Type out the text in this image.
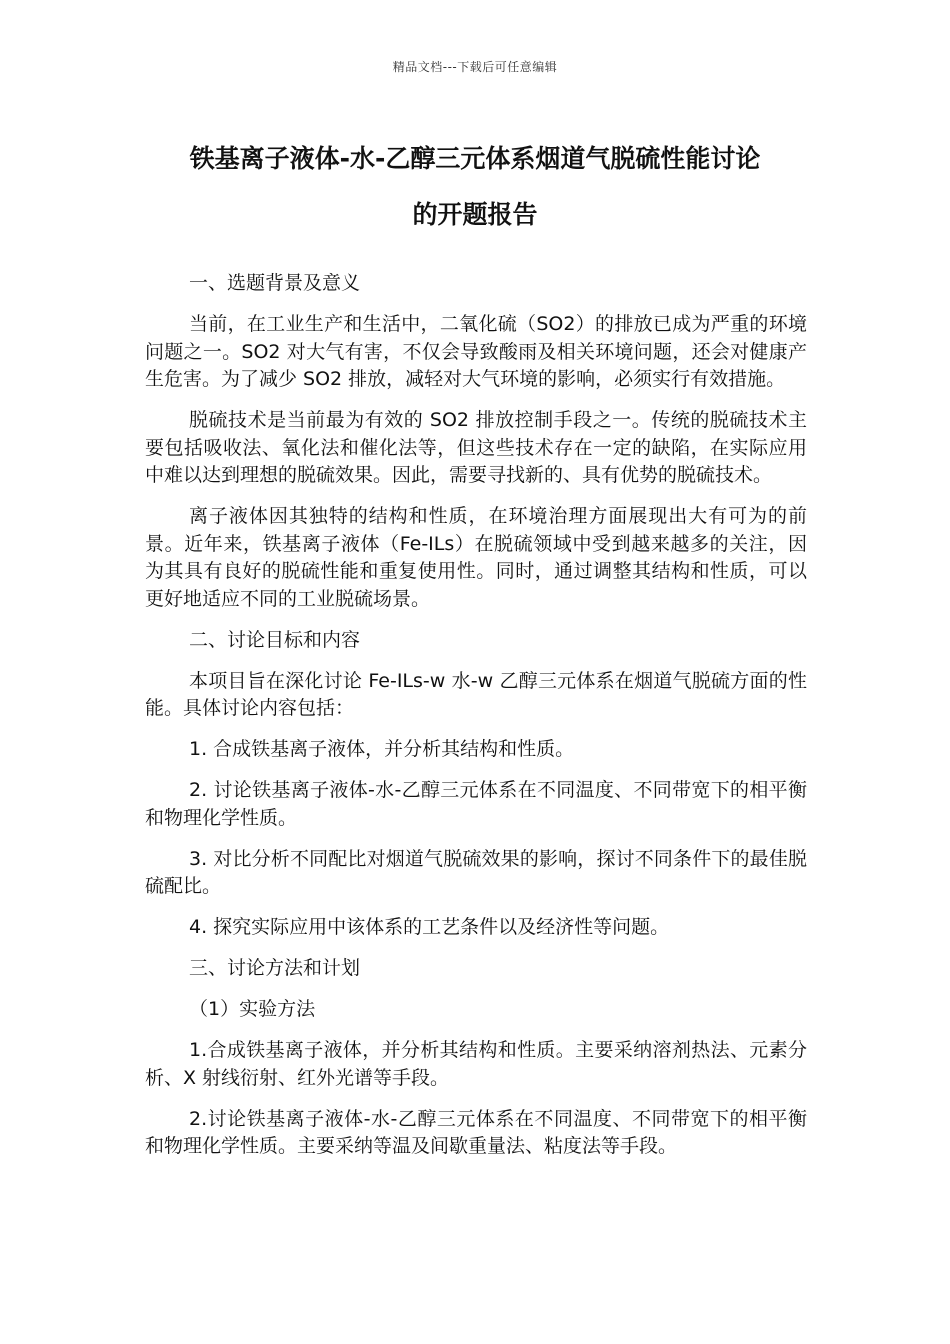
精品文档---下载后可任意编辑
铁基离子液体-水-乙醇三元体系烟道气脱硫性能讨论
的开题报告

一、选题背景及意义

当前，在工业生产和生活中，二氧化硫（SO2）的排放已成为严重的环境问题之一。SO2 对大气有害，不仅会导致酸雨及相关环境问题，还会对健康产生危害。为了减少 SO2 排放，减轻对大气环境的影响，必须实行有效措施。

脱硫技术是当前最为有效的 SO2 排放控制手段之一。传统的脱硫技术主要包括吸收法、氧化法和催化法等，但这些技术存在一定的缺陷，在实际应用中难以达到理想的脱硫效果。因此，需要寻找新的、具有优势的脱硫技术。

离子液体因其独特的结构和性质，在环境治理方面展现出大有可为的前景。近年来，铁基离子液体（Fe-ILs）在脱硫领域中受到越来越多的关注，因为其具有良好的脱硫性能和重复使用性。同时，通过调整其结构和性质，可以更好地适应不同的工业脱硫场景。

二、讨论目标和内容

本项目旨在深化讨论 Fe-ILs-w 水-w 乙醇三元体系在烟道气脱硫方面的性能。具体讨论内容包括：

1. 合成铁基离子液体，并分析其结构和性质。

2. 讨论铁基离子液体-水-乙醇三元体系在不同温度、不同带宽下的相平衡和物理化学性质。

3. 对比分析不同配比对烟道气脱硫效果的影响，探讨不同条件下的最佳脱硫配比。

4. 探究实际应用中该体系的工艺条件以及经济性等问题。

三、讨论方法和计划

（1）实验方法

1.合成铁基离子液体，并分析其结构和性质。主要采纳溶剂热法、元素分析、X 射线衍射、红外光谱等手段。

2.讨论铁基离子液体-水-乙醇三元体系在不同温度、不同带宽下的相平衡和物理化学性质。主要采纳等温及间歇重量法、粘度法等手段。
